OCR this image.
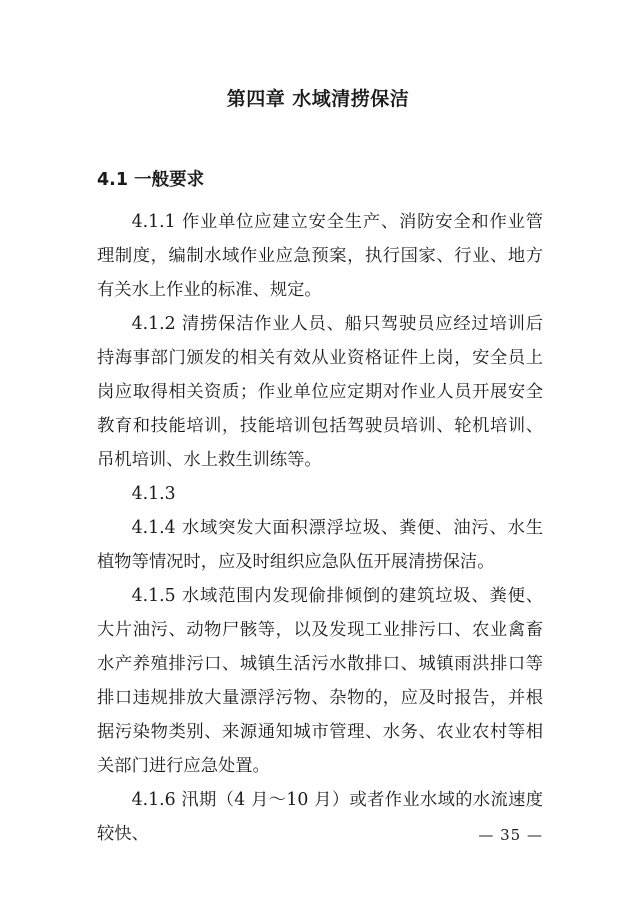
第四章 水域清捞保洁
4.1 一般要求

4.1.1 作业单位应建立安全生产、消防安全和作业管理制度，编制水域作业应急预案，执行国家、行业、地方有关水上作业的标准、规定。

4.1.2 清捞保洁作业人员、船只驾驶员应经过培训后持海事部门颁发的相关有效从业资格证件上岗，安全员上岗应取得相关资质；作业单位应定期对作业人员开展安全教育和技能培训，技能培训包括驾驶员培训、轮机培训、吊机培训、水上救生训练等。

4.1.3

4.1.4 水域突发大面积漂浮垃圾、粪便、油污、水生植物等情况时，应及时组织应急队伍开展清捞保洁。

4.1.5 水域范围内发现偷排倾倒的建筑垃圾、粪便、大片油污、动物尸骸等，以及发现工业排污口、农业禽畜水产养殖排污口、城镇生活污水散排口、城镇雨洪排口等排口违规排放大量漂浮污物、杂物的，应及时报告，并根据污染物类别、来源通知城市管理、水务、农业农村等相关部门进行应急处置。

4.1.6 汛期（4 月～10 月）或者作业水域的水流速度较快、	— 35 —
